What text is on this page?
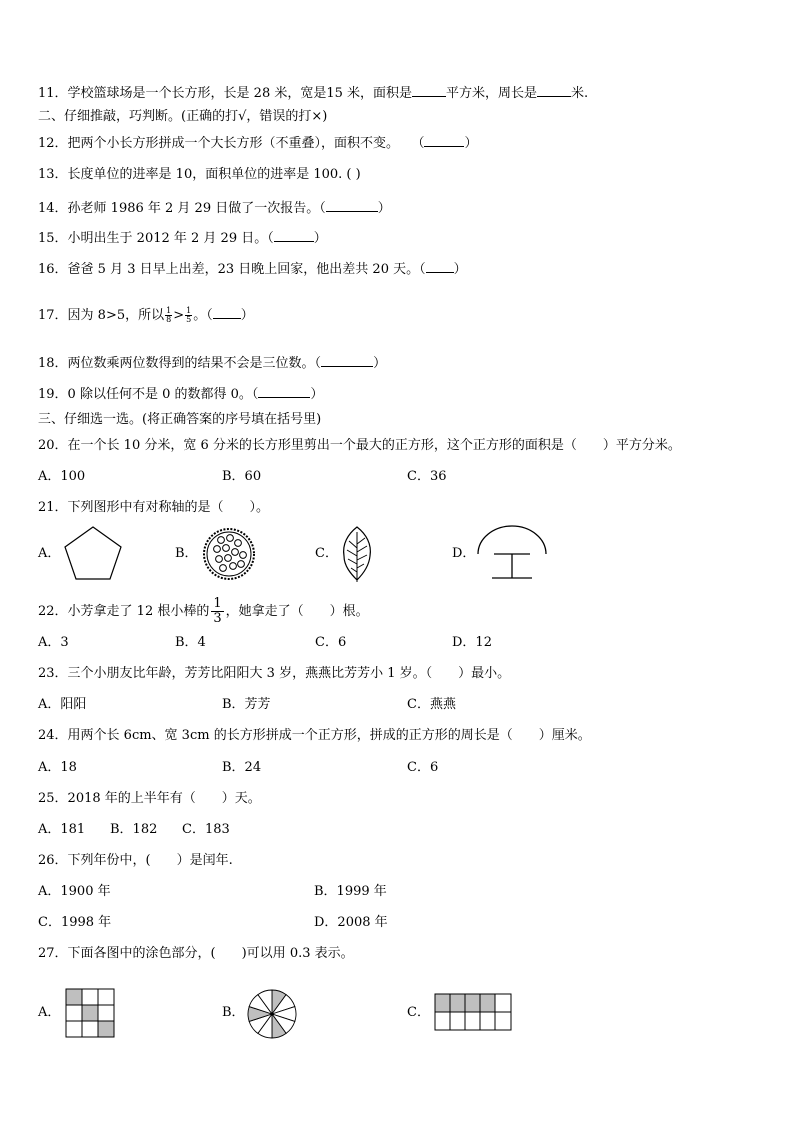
11．学校篮球场是一个长方形，长是 28 米，宽是15 米，面积是	平方米，周长是	米.
二、仔细推敲，巧判断。(正确的打√，错误的打×)
12．把两个小长方形拼成一个大长方形（不重叠），面积不变。 （	）
13．长度单位的进率是 10，面积单位的进率是 100. ( )
14．孙老师 1986 年 2 月 29 日做了一次报告。（	）
15．小明出生于 2012 年 2 月 29 日。（	）
16．爸爸 5 月 3 日早上出差，23 日晚上回家，他出差共 20 天。（ ）
17．因为 8>5，所以 $\frac{1}{8} > \frac{1}{5}$ 。（ ）
18．两位数乘两位数得到的结果不会是三位数。（	）
19．0 除以任何不是 0 的数都得 0。（	）
三、仔细选一选。(将正确答案的序号填在括号里)
20．在一个长 10 分米，宽 6 分米的长方形里剪出一个最大的正方形，这个正方形的面积是（　　）平方分米。
A．100	B．60	C．36
21．下列图形中有对称轴的是（　　）。
A．	B．	C．	D．
22．小芳拿走了 12 根小棒的 $\frac{1}{3}$ ，她拿走了（　　）根。
A．3	B．4	C．6	D．12
23．三个小朋友比年龄，芳芳比阳阳大 3 岁，燕燕比芳芳小 1 岁。（　　）最小。
A．阳阳	B．芳芳	C．燕燕
24．用两个长 6cm、宽 3cm 的长方形拼成一个正方形，拼成的正方形的周长是（　　）厘米。
A．18	B．24	C．6
25．2018 年的上半年有（　　）天。
A．181 B．182 C．183
26．下列年份中，(　　）是闰年.
A．1900 年	B．1999 年
C．1998 年	D．2008 年
27．下面各图中的涂色部分，(　　)可以用 0.3 表示。
A．	B．	C．
